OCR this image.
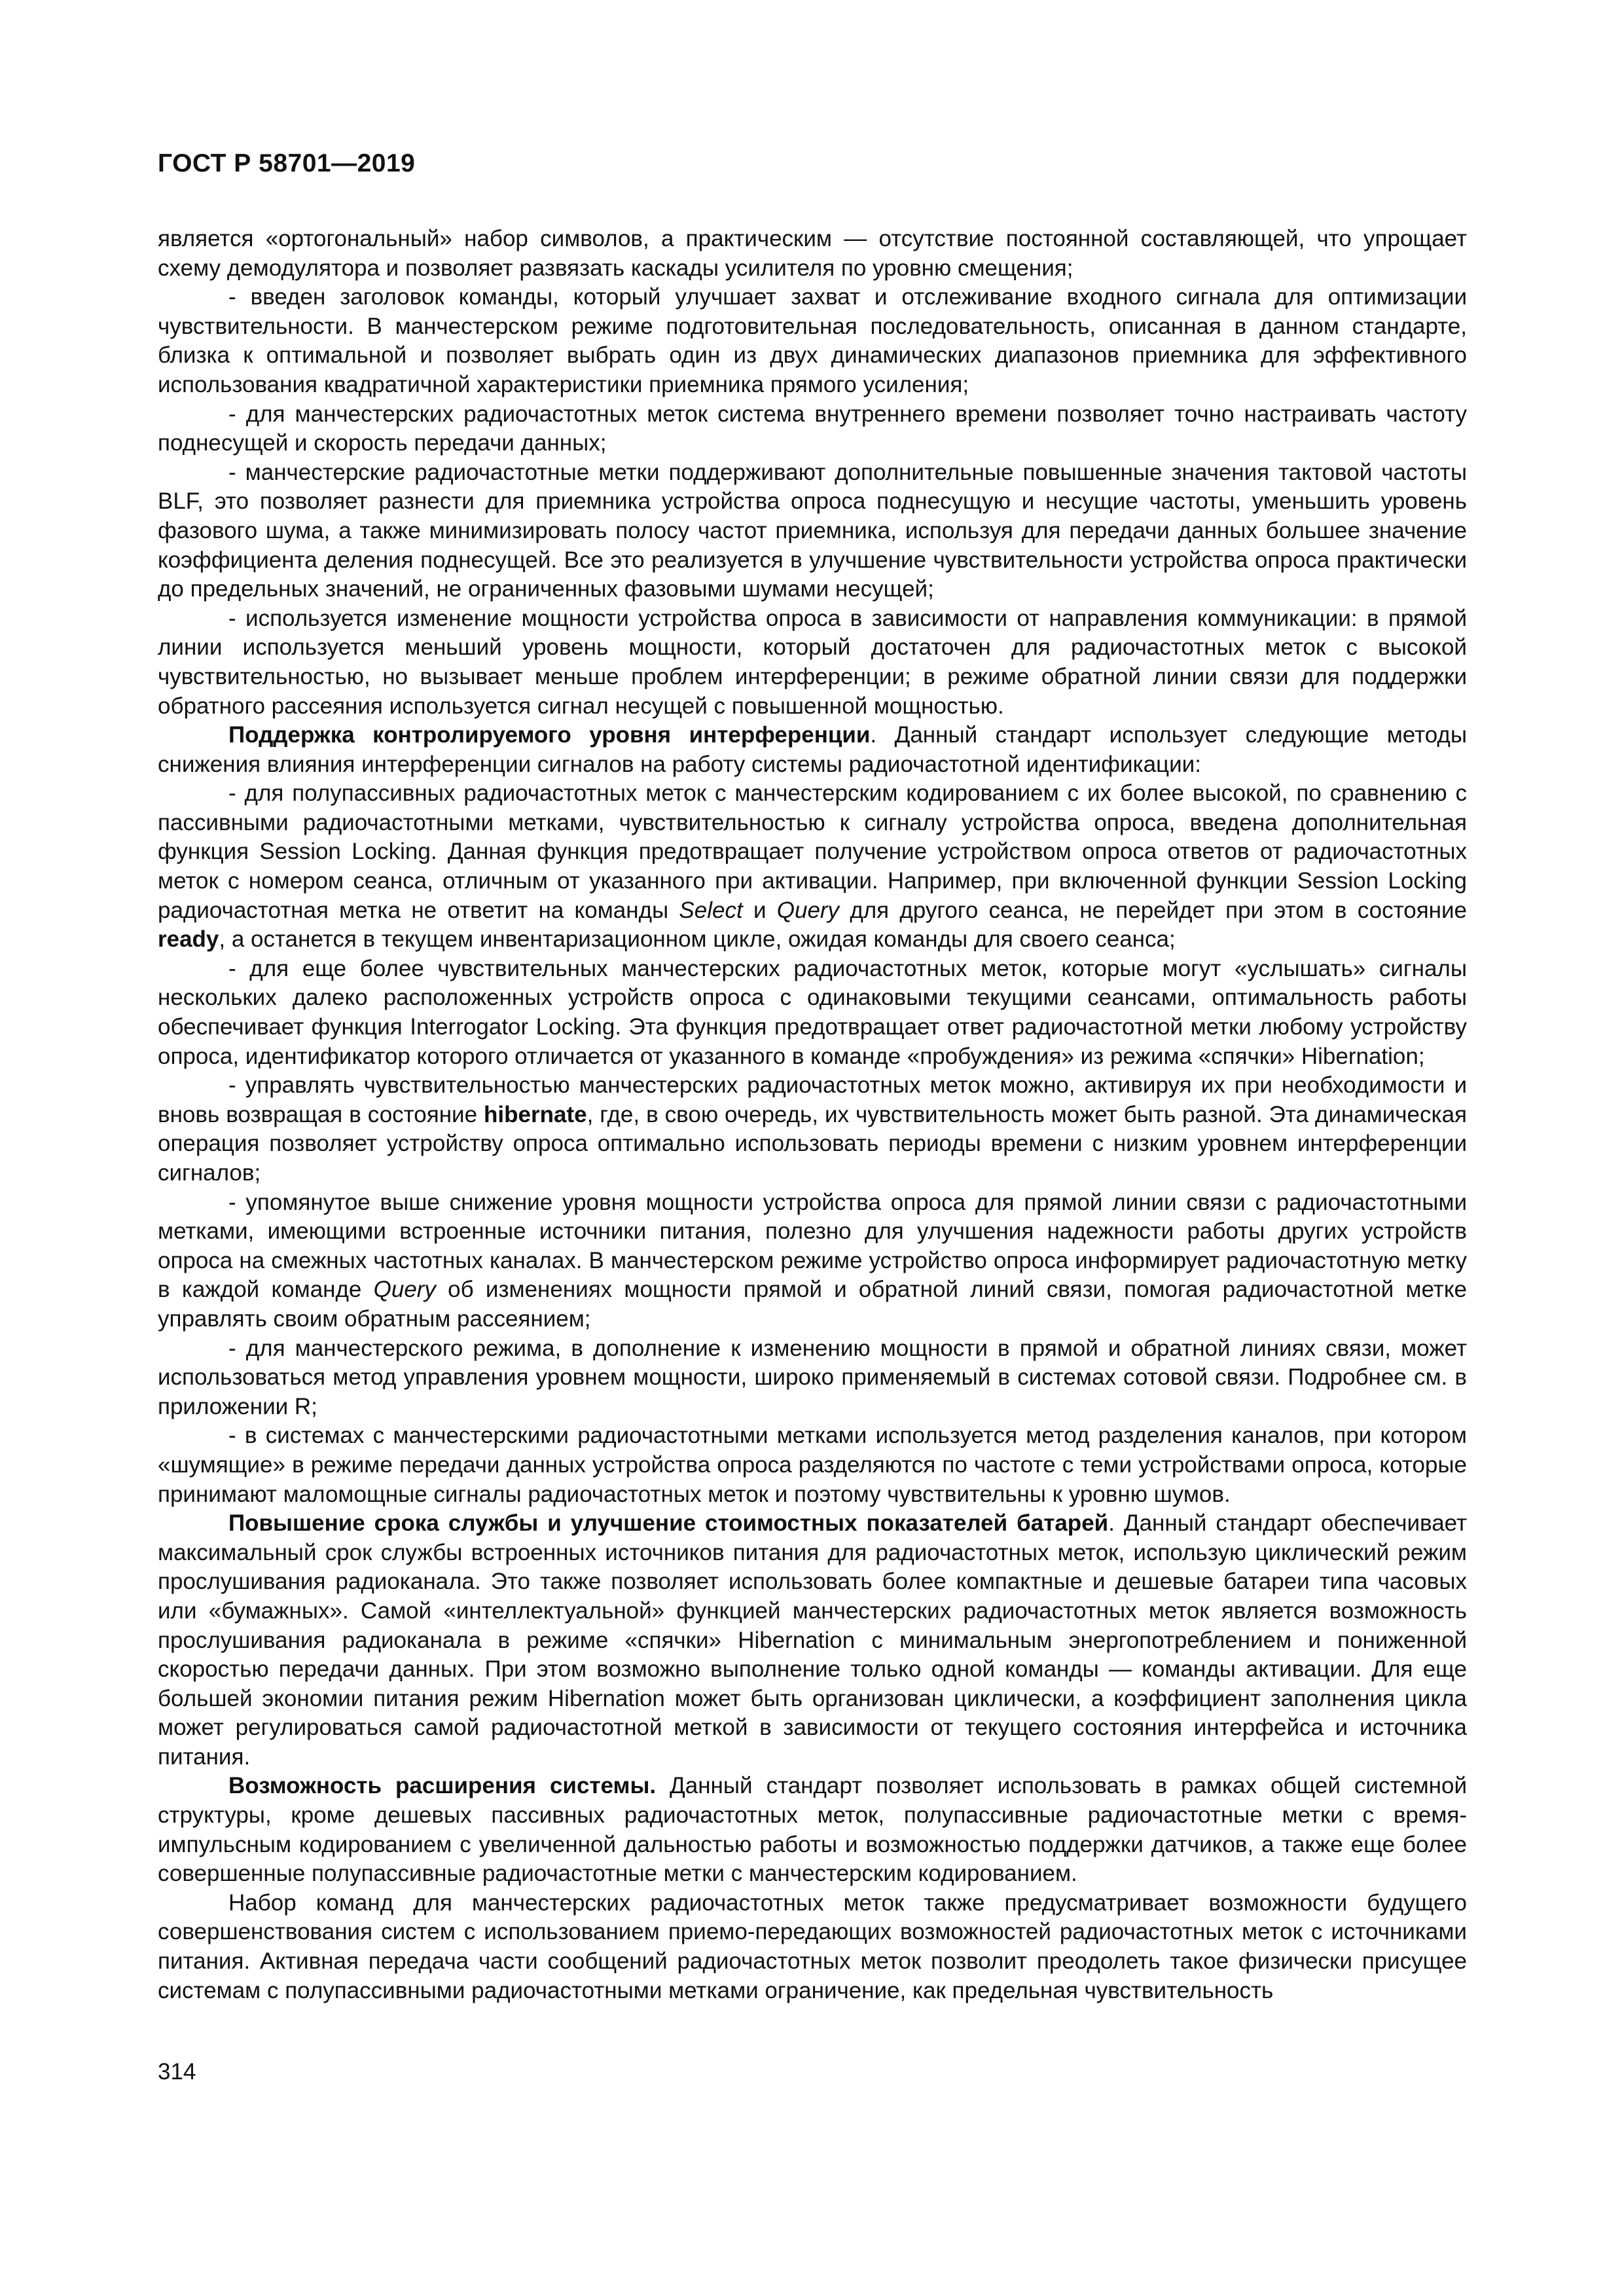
ГОСТ Р 58701—2019

является «ортогональный» набор символов, а практическим — отсутствие постоянной составляющей, что упрощает схему демодулятора и позволяет развязать каскады усилителя по уровню смещения;

- введен заголовок команды, который улучшает захват и отслеживание входного сигнала для оптимизации чувствительности. В манчестерском режиме подготовительная последовательность, описанная в данном стандарте, близка к оптимальной и позволяет выбрать один из двух динамических диапазонов приемника для эффективного использования квадратичной характеристики приемника прямого усиления;

- для манчестерских радиочастотных меток система внутреннего времени позволяет точно настраивать частоту поднесущей и скорость передачи данных;

- манчестерские радиочастотные метки поддерживают дополнительные повышенные значения тактовой частоты BLF, это позволяет разнести для приемника устройства опроса поднесущую и несущие частоты, уменьшить уровень фазового шума, а также минимизировать полосу частот приемника, используя для передачи данных большее значение коэффициента деления поднесущей. Все это реализуется в улучшение чувствительности устройства опроса практически до предельных значений, не ограниченных фазовыми шумами несущей;

- используется изменение мощности устройства опроса в зависимости от направления коммуникации: в прямой линии используется меньший уровень мощности, который достаточен для радиочастотных меток с высокой чувствительностью, но вызывает меньше проблем интерференции; в режиме обратной линии связи для поддержки обратного рассеяния используется сигнал несущей с повышенной мощностью.

Поддержка контролируемого уровня интерференции. Данный стандарт использует следующие методы снижения влияния интерференции сигналов на работу системы радиочастотной идентификации:

- для полупассивных радиочастотных меток с манчестерским кодированием с их более высокой, по сравнению с пассивными радиочастотными метками, чувствительностью к сигналу устройства опроса, введена дополнительная функция Session Locking. Данная функция предотвращает получение устройством опроса ответов от радиочастотных меток с номером сеанса, отличным от указанного при активации. Например, при включенной функции Session Locking радиочастотная метка не ответит на команды Select и Query для другого сеанса, не перейдет при этом в состояние ready, а останется в текущем инвентаризационном цикле, ожидая команды для своего сеанса;

- для еще более чувствительных манчестерских радиочастотных меток, которые могут «услышать» сигналы нескольких далеко расположенных устройств опроса с одинаковыми текущими сеансами, оптимальность работы обеспечивает функция Interrogator Locking. Эта функция предотвращает ответ радиочастотной метки любому устройству опроса, идентификатор которого отличается от указанного в команде «пробуждения» из режима «спячки» Hibernation;

- управлять чувствительностью манчестерских радиочастотных меток можно, активируя их при необходимости и вновь возвращая в состояние hibernate, где, в свою очередь, их чувствительность может быть разной. Эта динамическая операция позволяет устройству опроса оптимально использовать периоды времени с низким уровнем интерференции сигналов;

- упомянутое выше снижение уровня мощности устройства опроса для прямой линии связи с радиочастотными метками, имеющими встроенные источники питания, полезно для улучшения надежности работы других устройств опроса на смежных частотных каналах. В манчестерском режиме устройство опроса информирует радиочастотную метку в каждой команде Query об изменениях мощности прямой и обратной линий связи, помогая радиочастотной метке управлять своим обратным рассеянием;

- для манчестерского режима, в дополнение к изменению мощности в прямой и обратной линиях связи, может использоваться метод управления уровнем мощности, широко применяемый в системах сотовой связи. Подробнее см. в приложении R;

- в системах с манчестерскими радиочастотными метками используется метод разделения каналов, при котором «шумящие» в режиме передачи данных устройства опроса разделяются по частоте с теми устройствами опроса, которые принимают маломощные сигналы радиочастотных меток и поэтому чувствительны к уровню шумов.

Повышение срока службы и улучшение стоимостных показателей батарей. Данный стандарт обеспечивает максимальный срок службы встроенных источников питания для радиочастотных меток, использую циклический режим прослушивания радиоканала. Это также позволяет использовать более компактные и дешевые батареи типа часовых или «бумажных». Самой «интеллектуальной» функцией манчестерских радиочастотных меток является возможность прослушивания радиоканала в режиме «спячки» Hibernation с минимальным энергопотреблением и пониженной скоростью передачи данных. При этом возможно выполнение только одной команды — команды активации. Для еще большей экономии питания режим Hibernation может быть организован циклически, а коэффициент заполнения цикла может регулироваться самой радиочастотной меткой в зависимости от текущего состояния интерфейса и источника питания.

Возможность расширения системы. Данный стандарт позволяет использовать в рамках общей системной структуры, кроме дешевых пассивных радиочастотных меток, полупассивные радиочастотные метки с время-импульсным кодированием с увеличенной дальностью работы и возможностью поддержки датчиков, а также еще более совершенные полупассивные радиочастотные метки с манчестерским кодированием.

Набор команд для манчестерских радиочастотных меток также предусматривает возможности будущего совершенствования систем с использованием приемо-передающих возможностей радиочастотных меток с источниками питания. Активная передача части сообщений радиочастотных меток позволит преодолеть такое физически присущее системам с полупассивными радиочастотными метками ограничение, как предельная чувствительность

314
